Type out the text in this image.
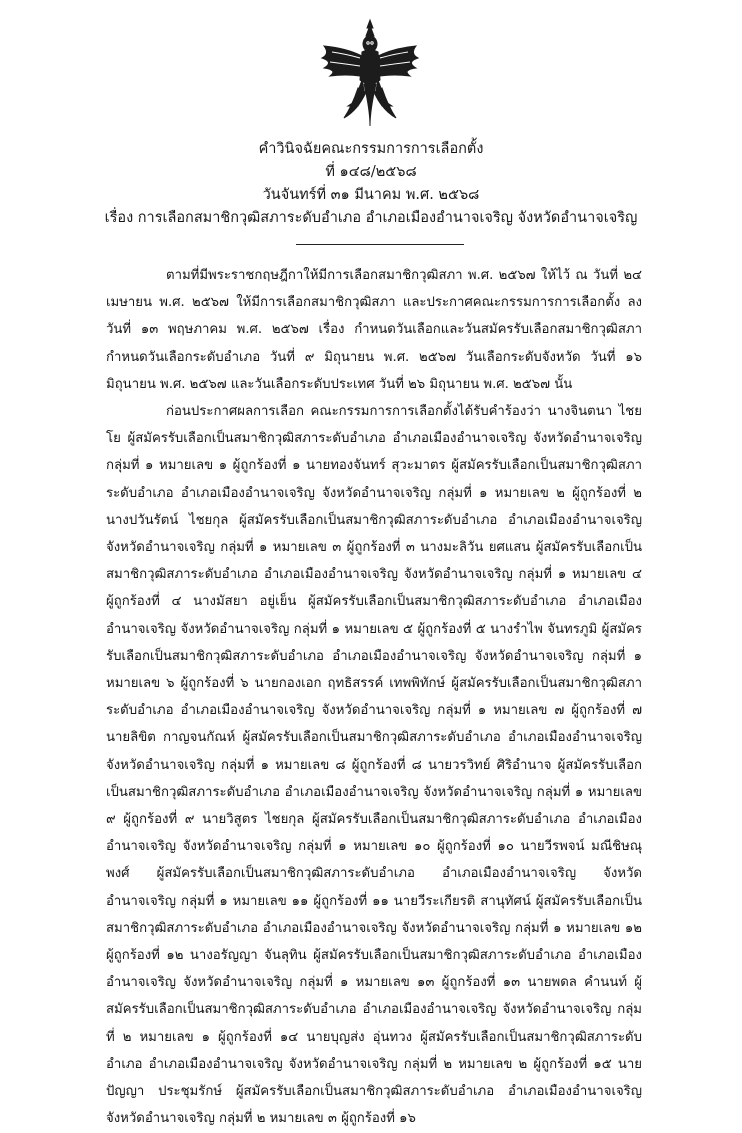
คำวินิจฉัยคณะกรรมการการเลือกตั้ง
ที่ ๑๔๘/๒๕๖๘
วันจันทร์ที่ ๓๑ มีนาคม พ.ศ. ๒๕๖๘
เรื่อง การเลือกสมาชิกวุฒิสภาระดับอำเภอ อำเภอเมืองอำนาจเจริญ จังหวัดอำนาจเจริญ

ตามที่มีพระราชกฤษฎีกาให้มีการเลือกสมาชิกวุฒิสภา พ.ศ. ๒๕๖๗ ให้ไว้ ณ วันที่ ๒๔ เมษายน พ.ศ. ๒๕๖๗ ให้มีการเลือกสมาชิกวุฒิสภา และประกาศคณะกรรมการการเลือกตั้ง ลงวันที่ ๑๓ พฤษภาคม พ.ศ. ๒๕๖๗ เรื่อง กำหนดวันเลือกและวันสมัครรับเลือกสมาชิกวุฒิสภา กำหนดวันเลือกระดับอำเภอ วันที่ ๙ มิถุนายน พ.ศ. ๒๕๖๗ วันเลือกระดับจังหวัด วันที่ ๑๖ มิถุนายน พ.ศ. ๒๕๖๗ และวันเลือกระดับประเทศ วันที่ ๒๖ มิถุนายน พ.ศ. ๒๕๖๗ นั้น

ก่อนประกาศผลการเลือก คณะกรรมการการเลือกตั้งได้รับคำร้องว่า นางจินตนา ไชยโย ผู้สมัครรับเลือกเป็นสมาชิกวุฒิสภาระดับอำเภอ อำเภอเมืองอำนาจเจริญ จังหวัดอำนาจเจริญ กลุ่มที่ ๑ หมายเลข ๑ ผู้ถูกร้องที่ ๑ นายทองจันทร์ สุวะมาตร ผู้สมัครรับเลือกเป็นสมาชิกวุฒิสภาระดับอำเภอ อำเภอเมืองอำนาจเจริญ จังหวัดอำนาจเจริญ กลุ่มที่ ๑ หมายเลข ๒ ผู้ถูกร้องที่ ๒ นางปวันรัตน์ ไชยกุล ผู้สมัครรับเลือกเป็นสมาชิกวุฒิสภาระดับอำเภอ อำเภอเมืองอำนาจเจริญ จังหวัดอำนาจเจริญ กลุ่มที่ ๑ หมายเลข ๓ ผู้ถูกร้องที่ ๓ นางมะลิวัน ยศแสน ผู้สมัครรับเลือกเป็นสมาชิกวุฒิสภาระดับอำเภอ อำเภอเมืองอำนาจเจริญ จังหวัดอำนาจเจริญ กลุ่มที่ ๑ หมายเลข ๔ ผู้ถูกร้องที่ ๔ นางมัสยา อยู่เย็น ผู้สมัครรับเลือกเป็นสมาชิกวุฒิสภาระดับอำเภอ อำเภอเมืองอำนาจเจริญ จังหวัดอำนาจเจริญ กลุ่มที่ ๑ หมายเลข ๕ ผู้ถูกร้องที่ ๕ นางรำไพ จันทรภูมิ ผู้สมัครรับเลือกเป็นสมาชิกวุฒิสภาระดับอำเภอ อำเภอเมืองอำนาจเจริญ จังหวัดอำนาจเจริญ กลุ่มที่ ๑ หมายเลข ๖ ผู้ถูกร้องที่ ๖ นายกองเอก ฤทธิสรรค์ เทพพิทักษ์ ผู้สมัครรับเลือกเป็นสมาชิกวุฒิสภาระดับอำเภอ อำเภอเมืองอำนาจเจริญ จังหวัดอำนาจเจริญ กลุ่มที่ ๑ หมายเลข ๗ ผู้ถูกร้องที่ ๗ นายลิขิต กาญจนกัณห์ ผู้สมัครรับเลือกเป็นสมาชิกวุฒิสภาระดับอำเภอ อำเภอเมืองอำนาจเจริญ จังหวัดอำนาจเจริญ กลุ่มที่ ๑ หมายเลข ๘ ผู้ถูกร้องที่ ๘ นายวรวิทย์ ศิริอำนาจ ผู้สมัครรับเลือกเป็นสมาชิกวุฒิสภาระดับอำเภอ อำเภอเมืองอำนาจเจริญ จังหวัดอำนาจเจริญ กลุ่มที่ ๑ หมายเลข ๙ ผู้ถูกร้องที่ ๙ นายวิสูตร ไชยกุล ผู้สมัครรับเลือกเป็นสมาชิกวุฒิสภาระดับอำเภอ อำเภอเมืองอำนาจเจริญ จังหวัดอำนาจเจริญ กลุ่มที่ ๑ หมายเลข ๑๐ ผู้ถูกร้องที่ ๑๐ นายวีรพจน์ มณีชิษณุพงศ์ ผู้สมัครรับเลือกเป็นสมาชิกวุฒิสภาระดับอำเภอ อำเภอเมืองอำนาจเจริญ จังหวัดอำนาจเจริญ กลุ่มที่ ๑ หมายเลข ๑๑ ผู้ถูกร้องที่ ๑๑ นายวีระเกียรติ สานุทัศน์ ผู้สมัครรับเลือกเป็นสมาชิกวุฒิสภาระดับอำเภอ อำเภอเมืองอำนาจเจริญ จังหวัดอำนาจเจริญ กลุ่มที่ ๑ หมายเลข ๑๒ ผู้ถูกร้องที่ ๑๒ นางอรัญญา จันลุทิน ผู้สมัครรับเลือกเป็นสมาชิกวุฒิสภาระดับอำเภอ อำเภอเมืองอำนาจเจริญ จังหวัดอำนาจเจริญ กลุ่มที่ ๑ หมายเลข ๑๓ ผู้ถูกร้องที่ ๑๓ นายพดล คำนนท์ ผู้สมัครรับเลือกเป็นสมาชิกวุฒิสภาระดับอำเภอ อำเภอเมืองอำนาจเจริญ จังหวัดอำนาจเจริญ กลุ่มที่ ๒ หมายเลข ๑ ผู้ถูกร้องที่ ๑๔ นายบุญส่ง อุ่นทวง ผู้สมัครรับเลือกเป็นสมาชิกวุฒิสภาระดับอำเภอ อำเภอเมืองอำนาจเจริญ จังหวัดอำนาจเจริญ กลุ่มที่ ๒ หมายเลข ๒ ผู้ถูกร้องที่ ๑๕ นายปัญญา ประชุมรักษ์ ผู้สมัครรับเลือกเป็นสมาชิกวุฒิสภาระดับอำเภอ อำเภอเมืองอำนาจเจริญ จังหวัดอำนาจเจริญ กลุ่มที่ ๒ หมายเลข ๓ ผู้ถูกร้องที่ ๑๖
